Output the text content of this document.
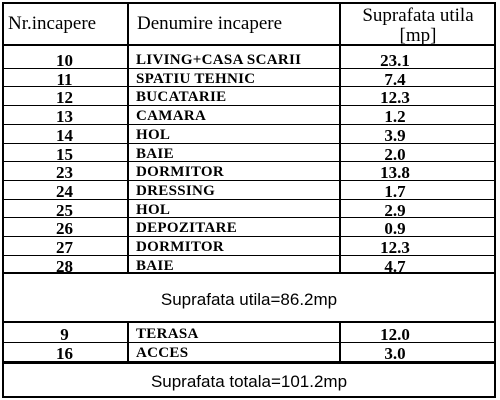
Nr.incapere Denumire incapere	Suprafata utila
[mp]
10	LIVING+CASA SCARII	23.1
11	SPATIU TEHNIC	7.4
12	BUCATARIE	12.3
13	CAMARA	1.2
14	HOL	3.9
15	BAIE	2.0
23	DORMITOR	13.8
24	DRESSING	1.7
25	HOL	2.9
26	DEPOZITARE	0.9
27	DORMITOR	12.3
28	BAIE	4.7
Suprafata utila=86.2mp
9	TERASA	12.0
16	ACCES	3.0
Suprafata totala=101.2mp
